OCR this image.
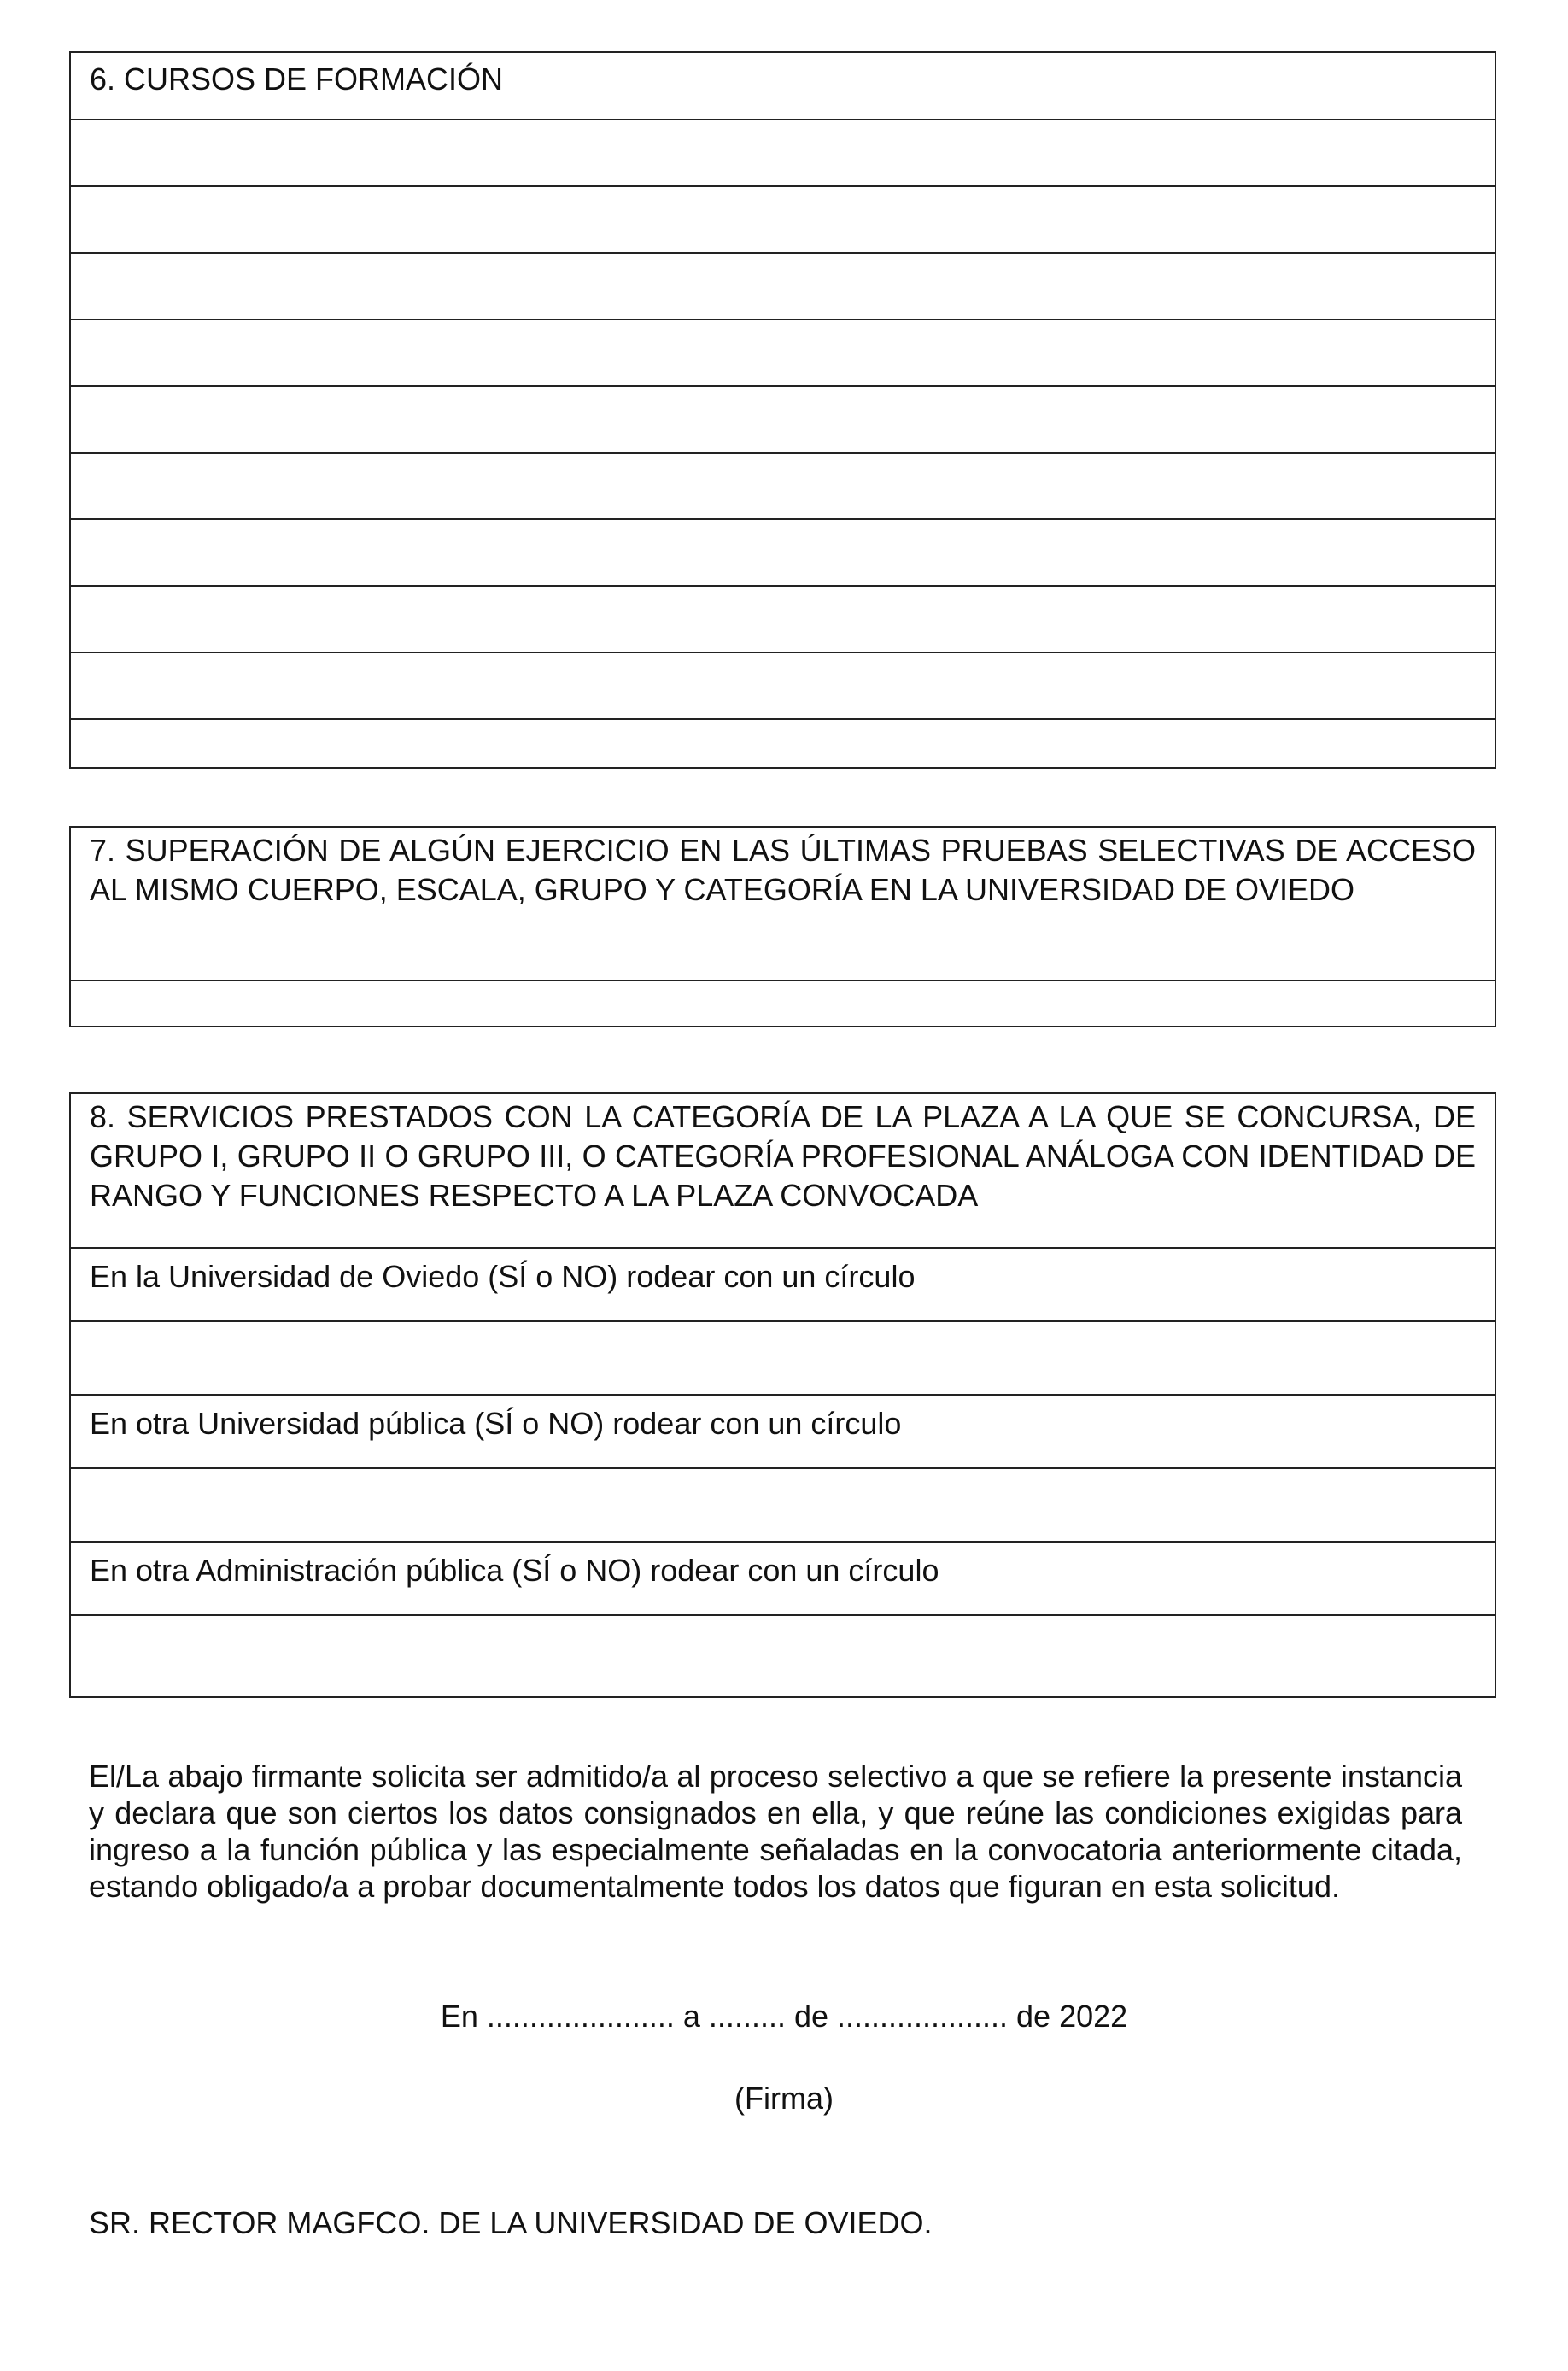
6. CURSOS DE FORMACIÓN
7. SUPERACIÓN DE ALGÚN EJERCICIO EN LAS ÚLTIMAS PRUEBAS SELECTIVAS DE ACCESO AL MISMO CUERPO, ESCALA, GRUPO Y CATEGORÍA EN LA UNIVERSIDAD DE OVIEDO
8. SERVICIOS PRESTADOS CON LA CATEGORÍA DE LA PLAZA A LA QUE SE CONCURSA, DE GRUPO I, GRUPO II O GRUPO III, O CATEGORÍA PROFESIONAL ANÁLOGA CON IDENTIDAD DE RANGO Y FUNCIONES RESPECTO A LA PLAZA CONVOCADA
En la Universidad de Oviedo (SÍ o NO) rodear con un círculo
En otra Universidad pública (SÍ o NO) rodear con un círculo
En otra Administración pública (SÍ o NO) rodear con un círculo
El/La abajo firmante solicita ser admitido/a al proceso selectivo a que se refiere la presente instancia y declara que son ciertos los datos consignados en ella, y que reúne las condiciones exigidas para ingreso a la función pública y las especialmente señaladas en la convocatoria anteriormente citada, estando obligado/a a probar documentalmente todos los datos que figuran en esta solicitud.
En ...................... a ......... de .................... de 2022
(Firma)
SR. RECTOR MAGFCO. DE LA UNIVERSIDAD DE OVIEDO.
